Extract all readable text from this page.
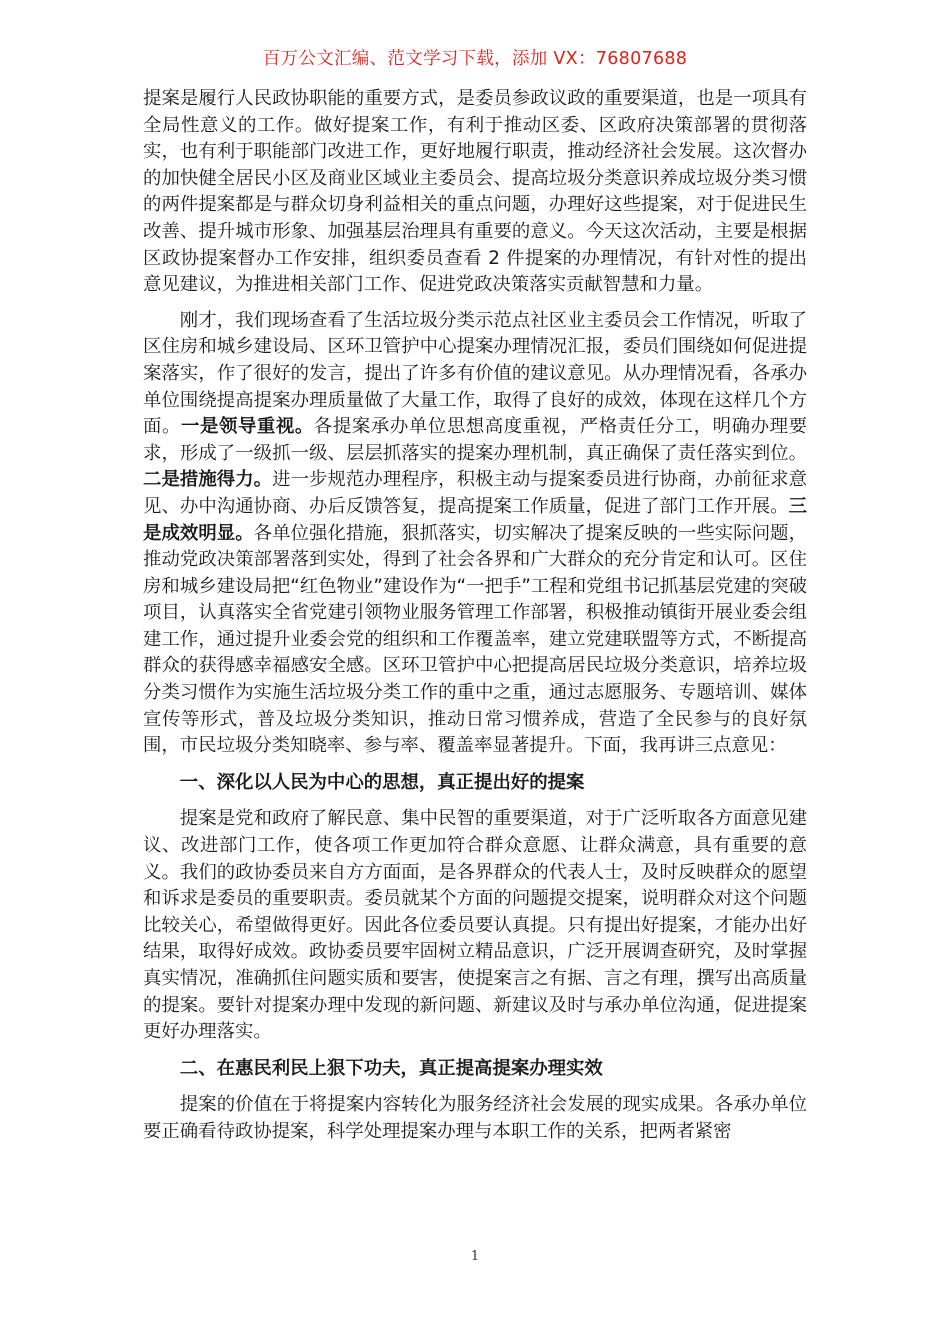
百万公文汇编、范文学习下载，添加 VX：76807688

提案是履行人民政协职能的重要方式，是委员参政议政的重要渠道，也是一项具有全局性意义的工作。做好提案工作，有利于推动区委、区政府决策部署的贯彻落实，也有利于职能部门改进工作，更好地履行职责，推动经济社会发展。这次督办的加快健全居民小区及商业区域业主委员会、提高垃圾分类意识养成垃圾分类习惯的两件提案都是与群众切身利益相关的重点问题，办理好这些提案，对于促进民生改善、提升城市形象、加强基层治理具有重要的意义。今天这次活动，主要是根据区政协提案督办工作安排，组织委员查看 2 件提案的办理情况，有针对性的提出意见建议，为推进相关部门工作、促进党政决策落实贡献智慧和力量。

刚才，我们现场查看了生活垃圾分类示范点社区业主委员会工作情况，听取了区住房和城乡建设局、区环卫管护中心提案办理情况汇报，委员们围绕如何促进提案落实，作了很好的发言，提出了许多有价值的建议意见。从办理情况看，各承办单位围绕提高提案办理质量做了大量工作，取得了良好的成效，体现在这样几个方面。一是领导重视。各提案承办单位思想高度重视，严格责任分工，明确办理要求，形成了一级抓一级、层层抓落实的提案办理机制，真正确保了责任落实到位。二是措施得力。进一步规范办理程序，积极主动与提案委员进行协商，办前征求意见、办中沟通协商、办后反馈答复，提高提案工作质量，促进了部门工作开展。三是成效明显。各单位强化措施，狠抓落实，切实解决了提案反映的一些实际问题，推动党政决策部署落到实处，得到了社会各界和广大群众的充分肯定和认可。区住房和城乡建设局把“红色物业”建设作为“一把手”工程和党组书记抓基层党建的突破项目，认真落实全省党建引领物业服务管理工作部署，积极推动镇街开展业委会组建工作，通过提升业委会党的组织和工作覆盖率，建立党建联盟等方式，不断提高群众的获得感幸福感安全感。区环卫管护中心把提高居民垃圾分类意识，培养垃圾分类习惯作为实施生活垃圾分类工作的重中之重，通过志愿服务、专题培训、媒体宣传等形式，普及垃圾分类知识，推动日常习惯养成，营造了全民参与的良好氛围，市民垃圾分类知晓率、参与率、覆盖率显著提升。下面，我再讲三点意见：

一、深化以人民为中心的思想，真正提出好的提案

提案是党和政府了解民意、集中民智的重要渠道，对于广泛听取各方面意见建议、改进部门工作，使各项工作更加符合群众意愿、让群众满意，具有重要的意义。我们的政协委员来自方方面面，是各界群众的代表人士，及时反映群众的愿望和诉求是委员的重要职责。委员就某个方面的问题提交提案，说明群众对这个问题比较关心，希望做得更好。因此各位委员要认真提。只有提出好提案，才能办出好结果，取得好成效。政协委员要牢固树立精品意识，广泛开展调查研究，及时掌握真实情况，准确抓住问题实质和要害，使提案言之有据、言之有理，撰写出高质量的提案。要针对提案办理中发现的新问题、新建议及时与承办单位沟通，促进提案更好办理落实。

二、在惠民利民上狠下功夫，真正提高提案办理实效

提案的价值在于将提案内容转化为服务经济社会发展的现实成果。各承办单位要正确看待政协提案，科学处理提案办理与本职工作的关系，把两者紧密

1
